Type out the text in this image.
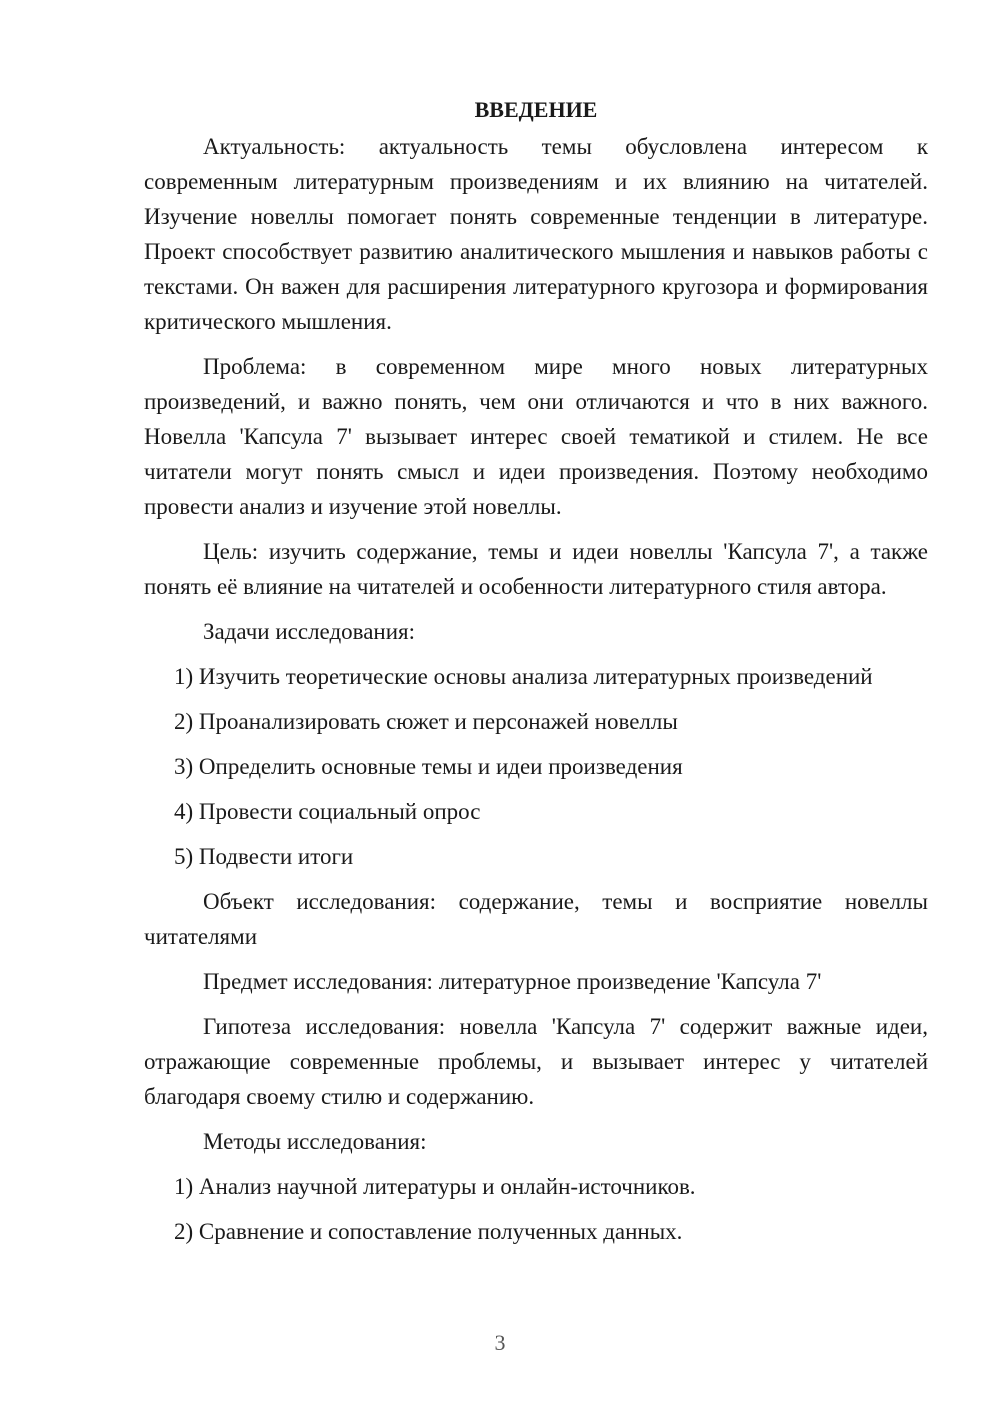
ВВЕДЕНИЕ

Актуальность: актуальность темы обусловлена интересом к современным литературным произведениям и их влиянию на читателей. Изучение новеллы помогает понять современные тенденции в литературе. Проект способствует развитию аналитического мышления и навыков работы с текстами. Он важен для расширения литературного кругозора и формирования критического мышления.

Проблема: в современном мире много новых литературных произведений, и важно понять, чем они отличаются и что в них важного. Новелла 'Капсула 7' вызывает интерес своей тематикой и стилем. Не все читатели могут понять смысл и идеи произведения. Поэтому необходимо провести анализ и изучение этой новеллы.

Цель: изучить содержание, темы и идеи новеллы 'Капсула 7', а также понять её влияние на читателей и особенности литературного стиля автора.

Задачи исследования:

1) Изучить теоретические основы анализа литературных произведений

2) Проанализировать сюжет и персонажей новеллы

3) Определить основные темы и идеи произведения

4) Провести социальный опрос

5) Подвести итоги

Объект исследования: содержание, темы и восприятие новеллы читателями

Предмет исследования: литературное произведение 'Капсула 7'

Гипотеза исследования: новелла 'Капсула 7' содержит важные идеи, отражающие современные проблемы, и вызывает интерес у читателей благодаря своему стилю и содержанию.

Методы исследования:

1) Анализ научной литературы и онлайн-источников.

2) Сравнение и сопоставление полученных данных.

3
